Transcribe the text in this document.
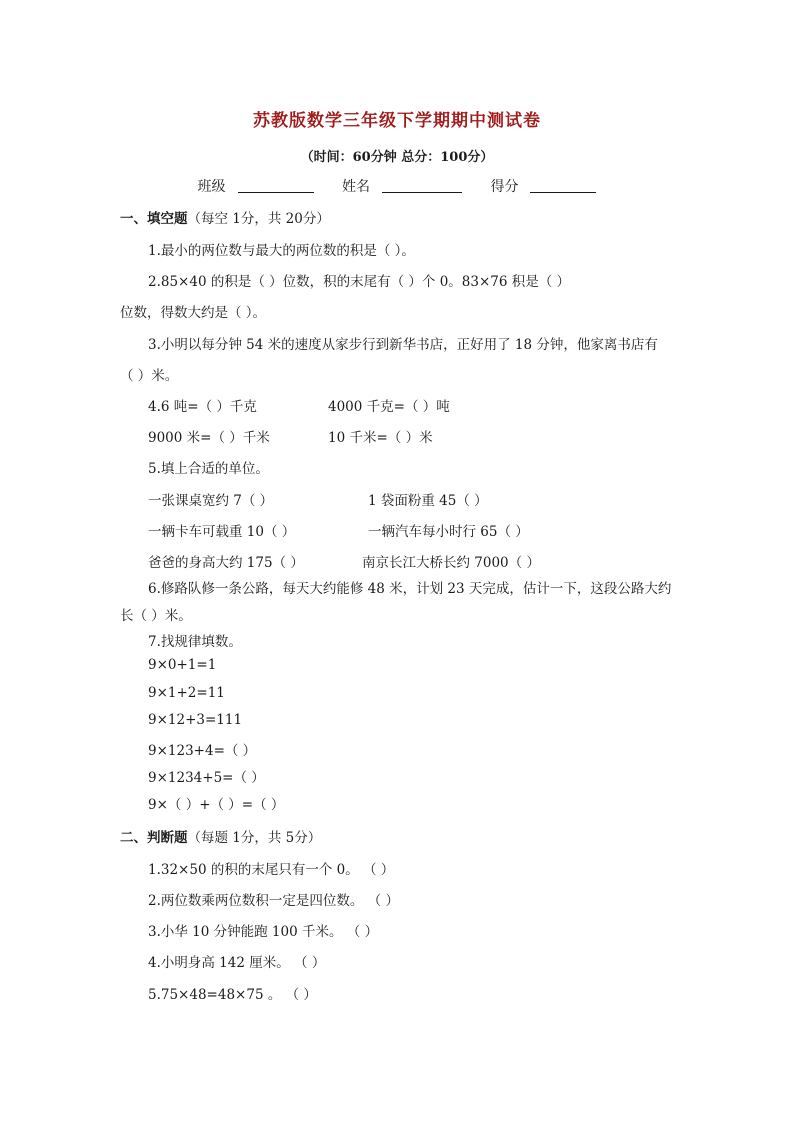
苏教版数学三年级下学期期中测试卷
（时间：60分钟 总分：100分）
班级	姓名	得分
一、填空题（每空 1分，共 20分）
1.最小的两位数与最大的两位数的积是（ ）。
2.85×40 的积是（ ）位数，积的末尾有（ ）个 0。83×76 积是（ ）
位数，得数大约是（ ）。
3.小明以每分钟 54 米的速度从家步行到新华书店，正好用了 18 分钟，他家离书店有
（ ）米。
4.6 吨=（ ）千克	4000 千克=（ ）吨
9000 米=（ ）千米	10 千米=（ ）米
5.填上合适的单位。
一张课桌宽约 7（ ）	1 袋面粉重 45（ ）
一辆卡车可载重 10（ ）	一辆汽车每小时行 65（ ）
爸爸的身高大约 175（ ）	南京长江大桥长约 7000（ ）
6.修路队修一条公路，每天大约能修 48 米，计划 23 天完成，估计一下，这段公路大约
长（ ）米。
7.找规律填数。
9×0+1=1
9×1+2=11
9×12+3=111
9×123+4=（ ）
9×1234+5=（ ）
9×（ ）+（ ）=（ ）
二、判断题（每题 1分，共 5分）
1.32×50 的积的末尾只有一个 0。 （ ）
2.两位数乘两位数积一定是四位数。 （ ）
3.小华 10 分钟能跑 100 千米。 （ ）
4.小明身高 142 厘米。 （ ）
5.75×48=48×75 。 （ ）
